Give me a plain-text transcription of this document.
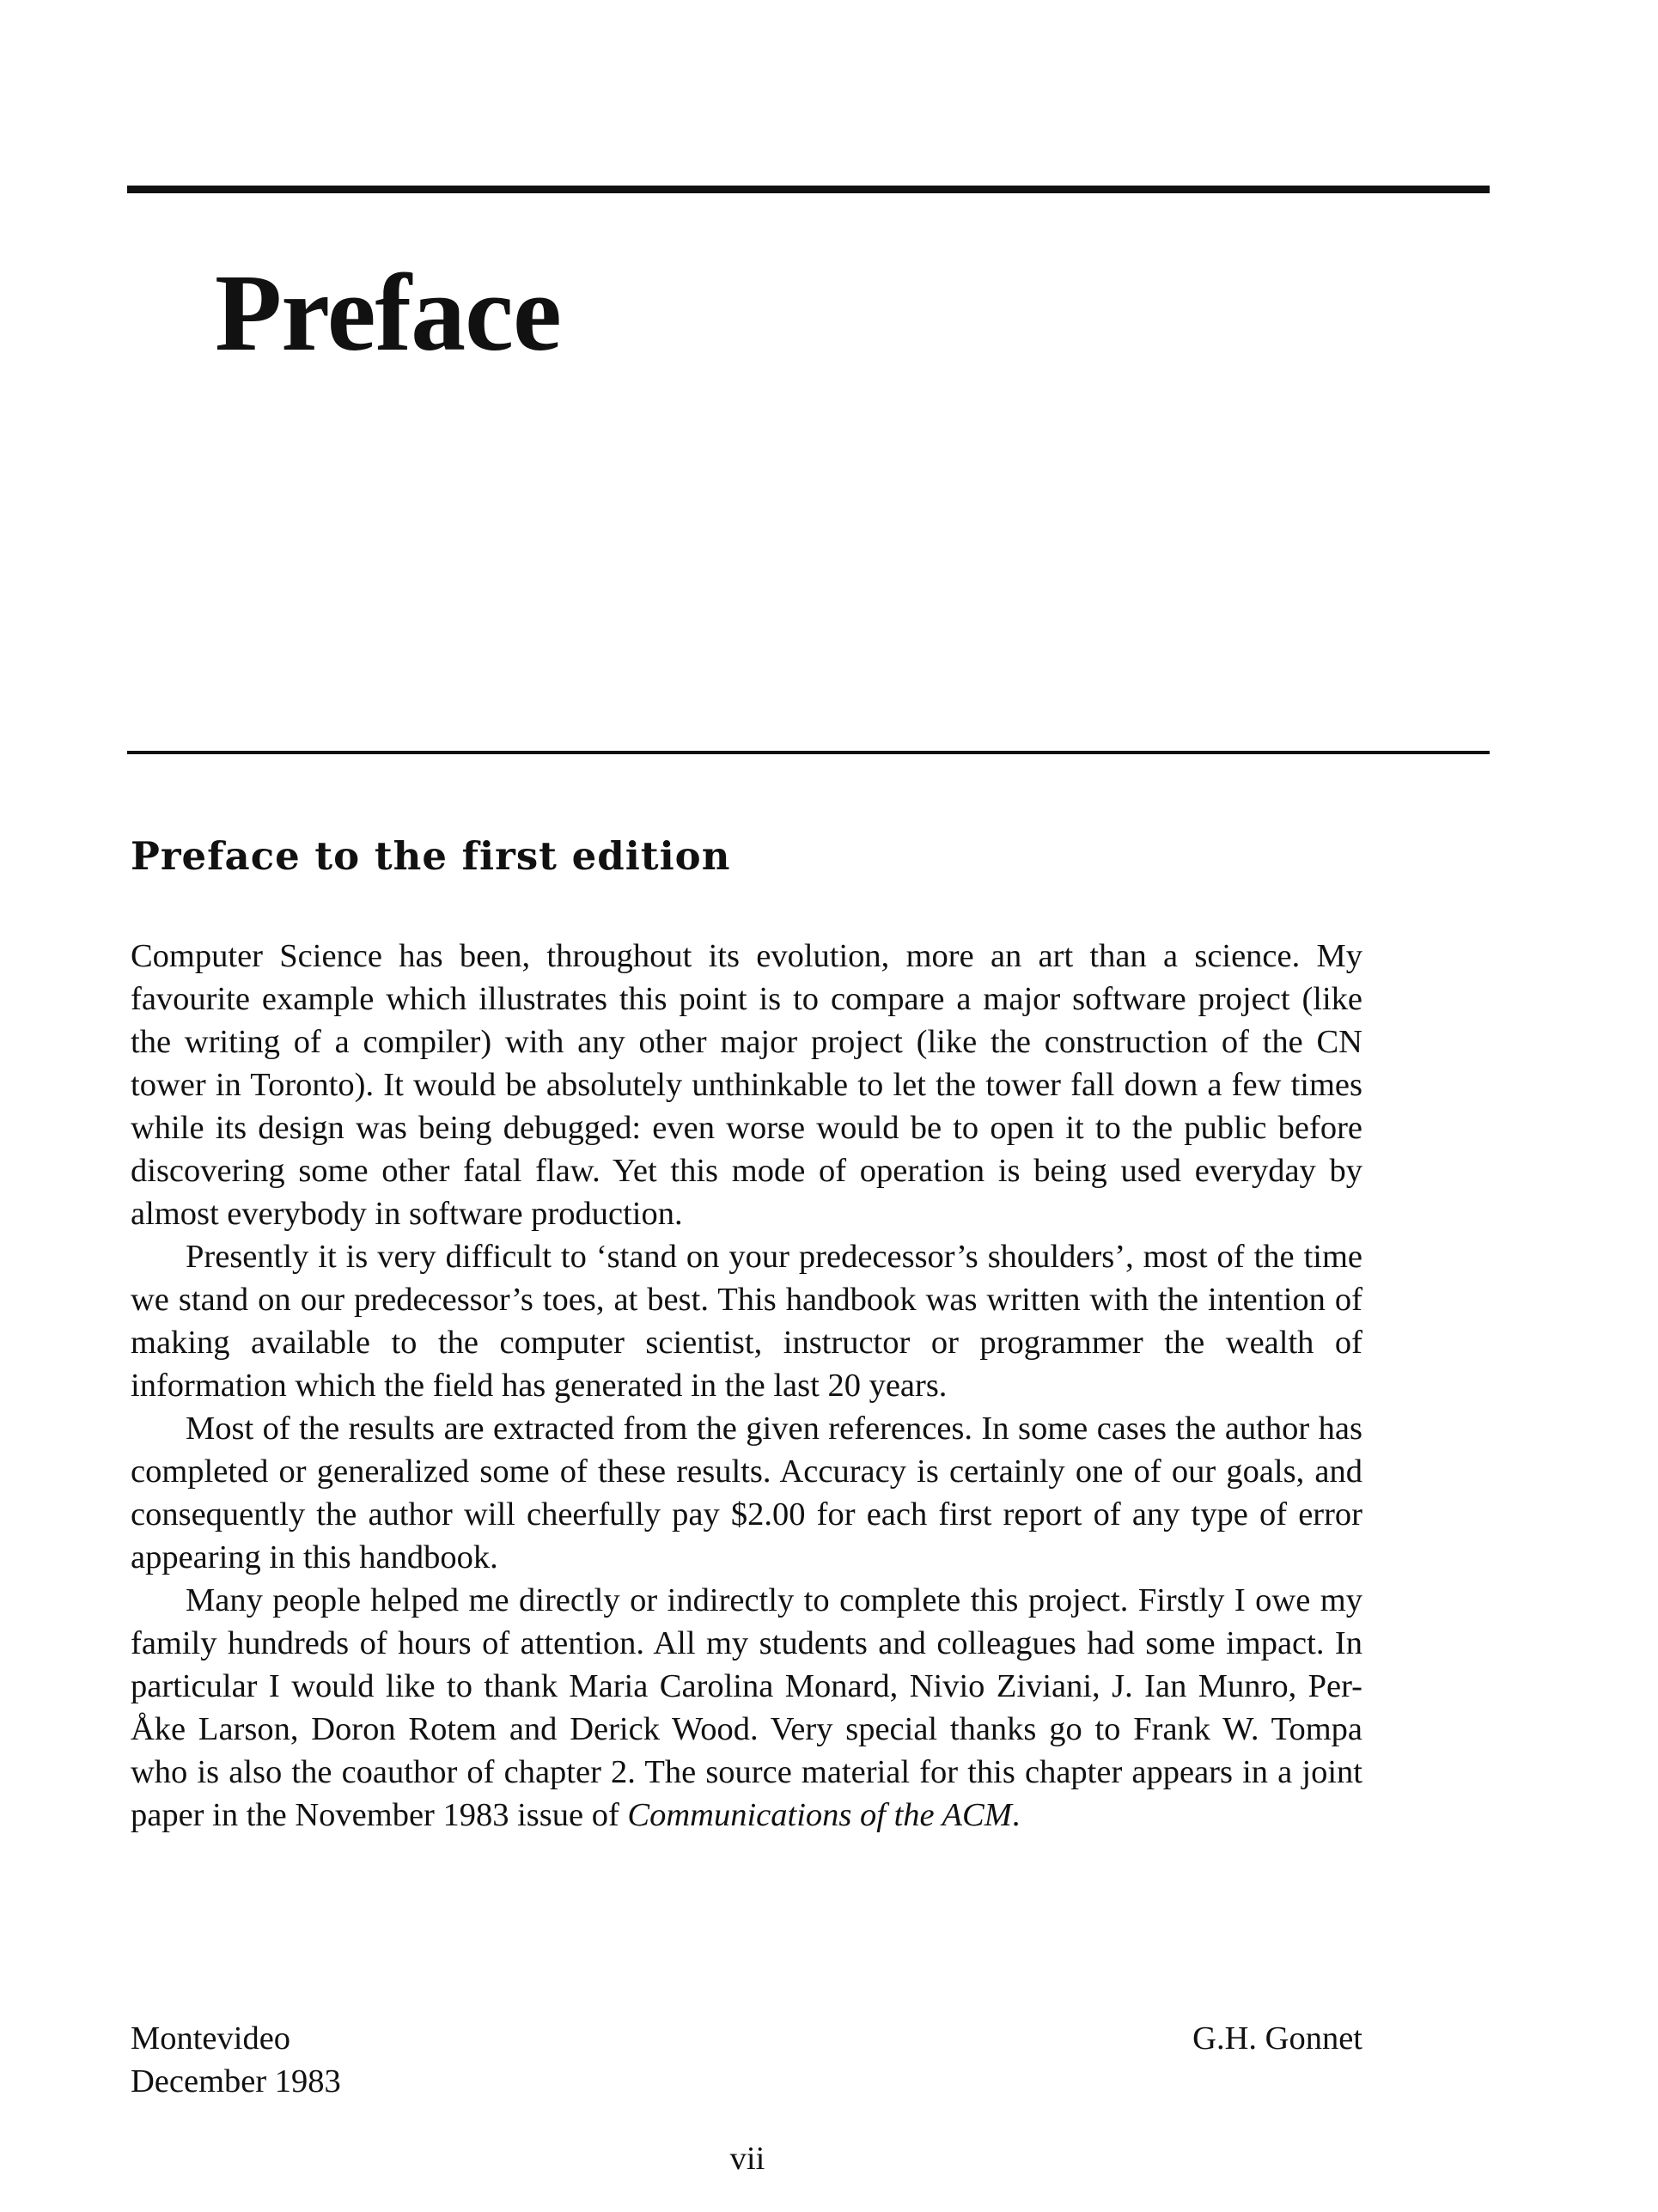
Preface
Preface to the first edition

Computer Science has been, throughout its evolution, more an art than a science. My favourite example which illustrates this point is to compare a major software project (like the writing of a compiler) with any other major project (like the construction of the CN tower in Toronto). It would be absolutely unthinkable to let the tower fall down a few times while its design was being debugged: even worse would be to open it to the public before discovering some other fatal flaw. Yet this mode of operation is being used everyday by almost everybody in software production.

Presently it is very difficult to ‘stand on your predecessor’s shoulders’, most of the time we stand on our predecessor’s toes, at best. This handbook was written with the intention of making available to the computer scientist, instructor or programmer the wealth of information which the field has generated in the last 20 years.

Most of the results are extracted from the given references. In some cases the author has completed or generalized some of these results. Accuracy is certainly one of our goals, and consequently the author will cheerfully pay $2.00 for each first report of any type of error appearing in this handbook.

Many people helped me directly or indirectly to complete this project. Firstly I owe my family hundreds of hours of attention. All my students and colleagues had some impact. In particular I would like to thank Maria Carolina Monard, Nivio Ziviani, J. Ian Munro, Per-Åke Larson, Doron Rotem and Derick Wood. Very special thanks go to Frank W. Tompa who is also the coauthor of chapter 2. The source material for this chapter appears in a joint paper in the November 1983 issue of Communications of the ACM.

Montevideo
December 1983
G.H. Gonnet
vii
